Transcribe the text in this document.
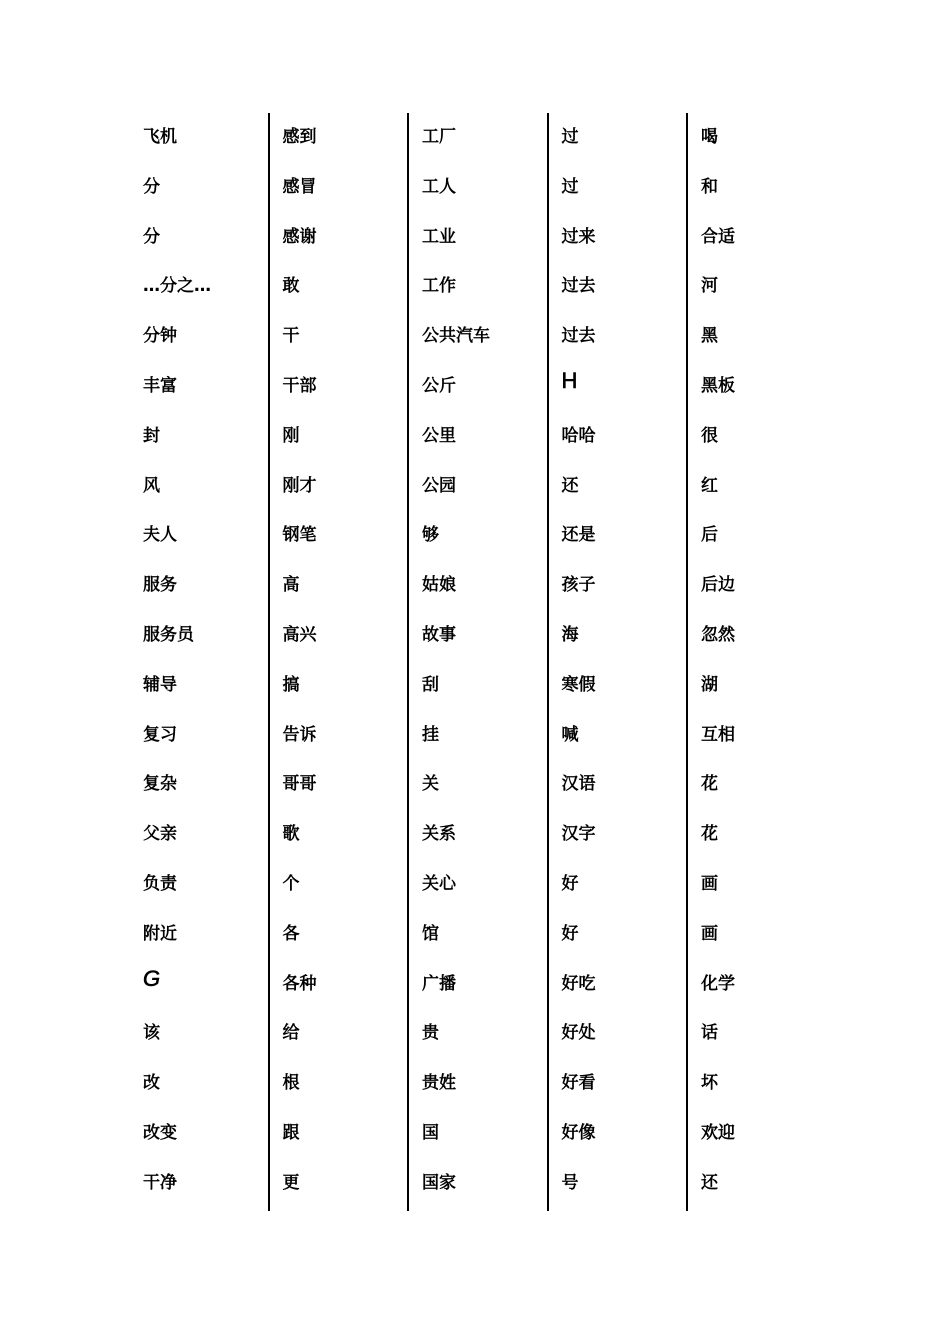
飞机
分
分
…分之…
分钟
丰富
封
风
夫人
服务
服务员
辅导
复习
复杂
父亲
负责
附近
G
该
改
改变
干净
感到
感冒
感谢
敢
干
干部
刚
刚才
钢笔
高
高兴
搞
告诉
哥哥
歌
个
各
各种
给
根
跟
更
工厂
工人
工业
工作
公共汽车
公斤
公里
公园
够
姑娘
故事
刮
挂
关
关系
关心
馆
广播
贵
贵姓
国
国家
过
过
过来
过去
过去
H
哈哈
还
还是
孩子
海
寒假
喊
汉语
汉字
好
好
好吃
好处
好看
好像
号
喝
和
合适
河
黑
黑板
很
红
后
后边
忽然
湖
互相
花
花
画
画
化学
话
坏
欢迎
还
